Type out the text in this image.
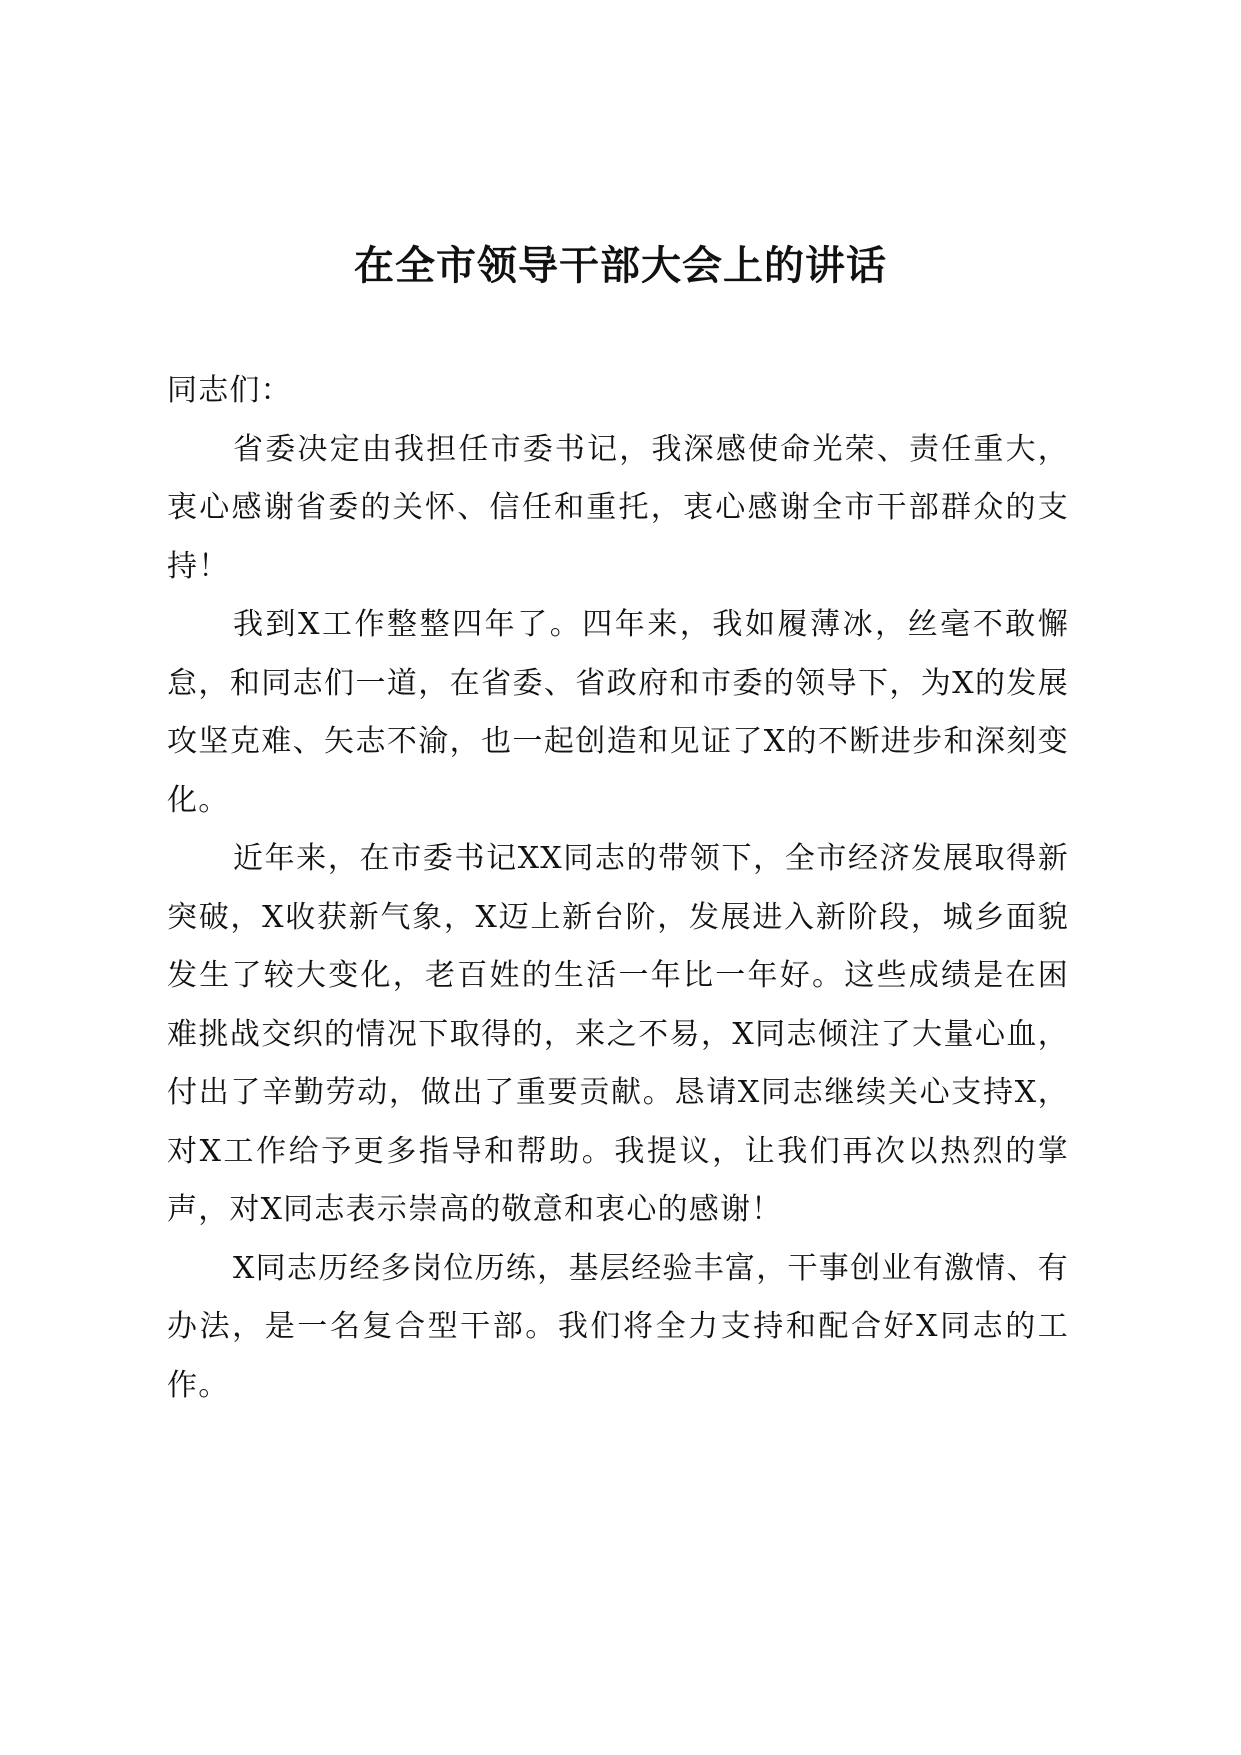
在全市领导干部大会上的讲话

同志们：

省委决定由我担任市委书记，我深感使命光荣、责任重大，衷心感谢省委的关怀、信任和重托，衷心感谢全市干部群众的支持！

我到X工作整整四年了。四年来，我如履薄冰，丝毫不敢懈怠，和同志们一道，在省委、省政府和市委的领导下，为X的发展攻坚克难、矢志不渝，也一起创造和见证了X的不断进步和深刻变化。

近年来，在市委书记XX同志的带领下，全市经济发展取得新突破，X收获新气象，X迈上新台阶，发展进入新阶段，城乡面貌发生了较大变化，老百姓的生活一年比一年好。这些成绩是在困难挑战交织的情况下取得的，来之不易，X同志倾注了大量心血，付出了辛勤劳动，做出了重要贡献。恳请X同志继续关心支持X，对X工作给予更多指导和帮助。我提议，让我们再次以热烈的掌声，对X同志表示崇高的敬意和衷心的感谢！

X同志历经多岗位历练，基层经验丰富，干事创业有激情、有办法，是一名复合型干部。我们将全力支持和配合好X同志的工作。
